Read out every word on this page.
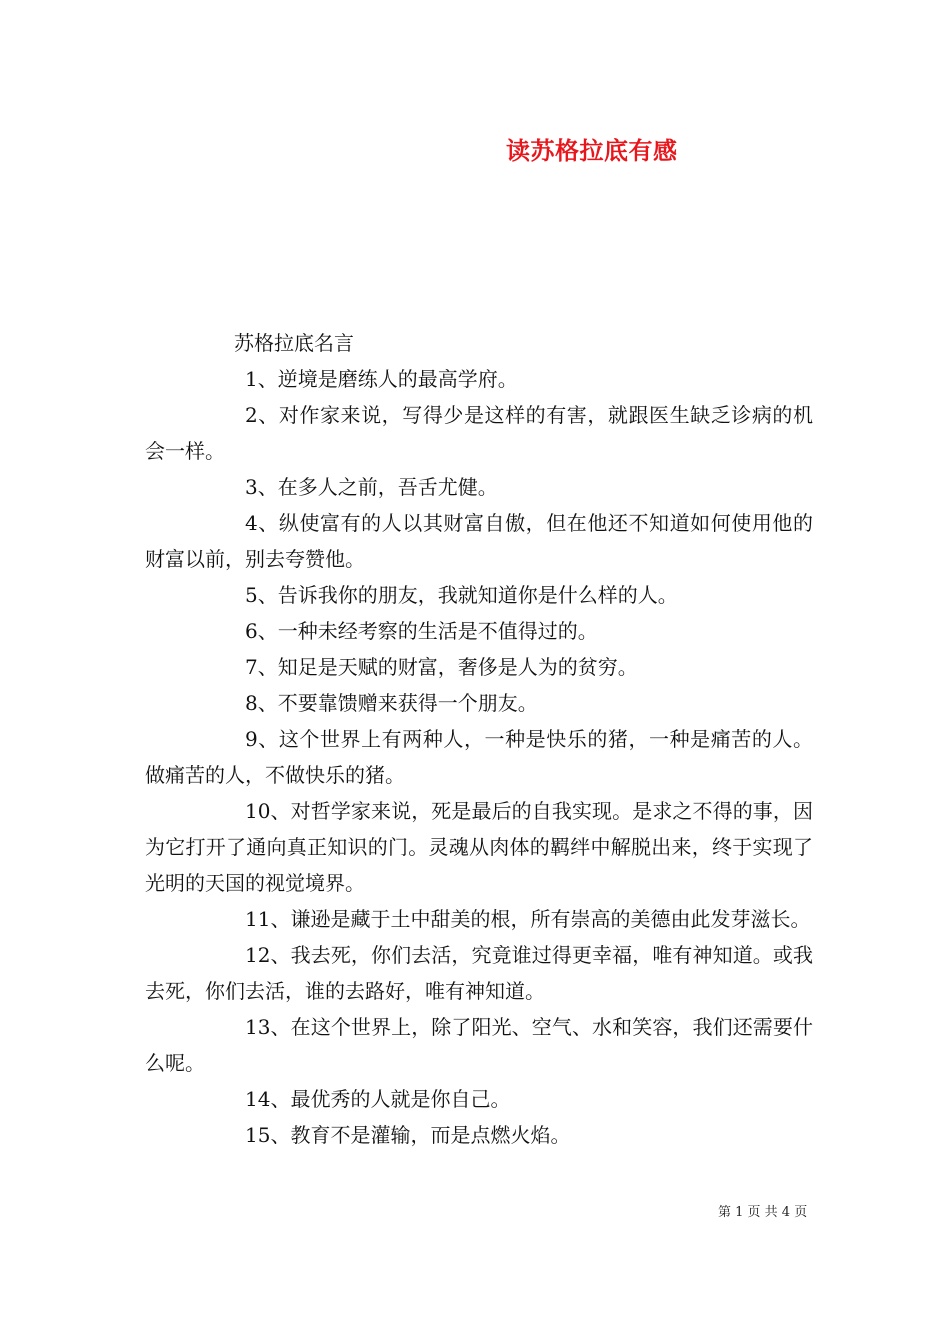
读苏格拉底有感

苏格拉底名言

1、逆境是磨练人的最高学府。

2、对作家来说，写得少是这样的有害，就跟医生缺乏诊病的机会一样。

3、在多人之前，吾舌尤健。

4、纵使富有的人以其财富自傲，但在他还不知道如何使用他的财富以前，别去夸赞他。

5、告诉我你的朋友，我就知道你是什么样的人。

6、一种未经考察的生活是不值得过的。

7、知足是天赋的财富，奢侈是人为的贫穷。

8、不要靠馈赠来获得一个朋友。

9、这个世界上有两种人，一种是快乐的猪，一种是痛苦的人。做痛苦的人，不做快乐的猪。

10、对哲学家来说，死是最后的自我实现。是求之不得的事，因为它打开了通向真正知识的门。灵魂从肉体的羁绊中解脱出来，终于实现了光明的天国的视觉境界。

11、谦逊是藏于土中甜美的根，所有崇高的美德由此发芽滋长。

12、我去死，你们去活，究竟谁过得更幸福，唯有神知道。或我去死，你们去活，谁的去路好，唯有神知道。

13、在这个世界上，除了阳光、空气、水和笑容，我们还需要什么呢。

14、最优秀的人就是你自己。

15、教育不是灌输，而是点燃火焰。

第 1 页 共 4 页
